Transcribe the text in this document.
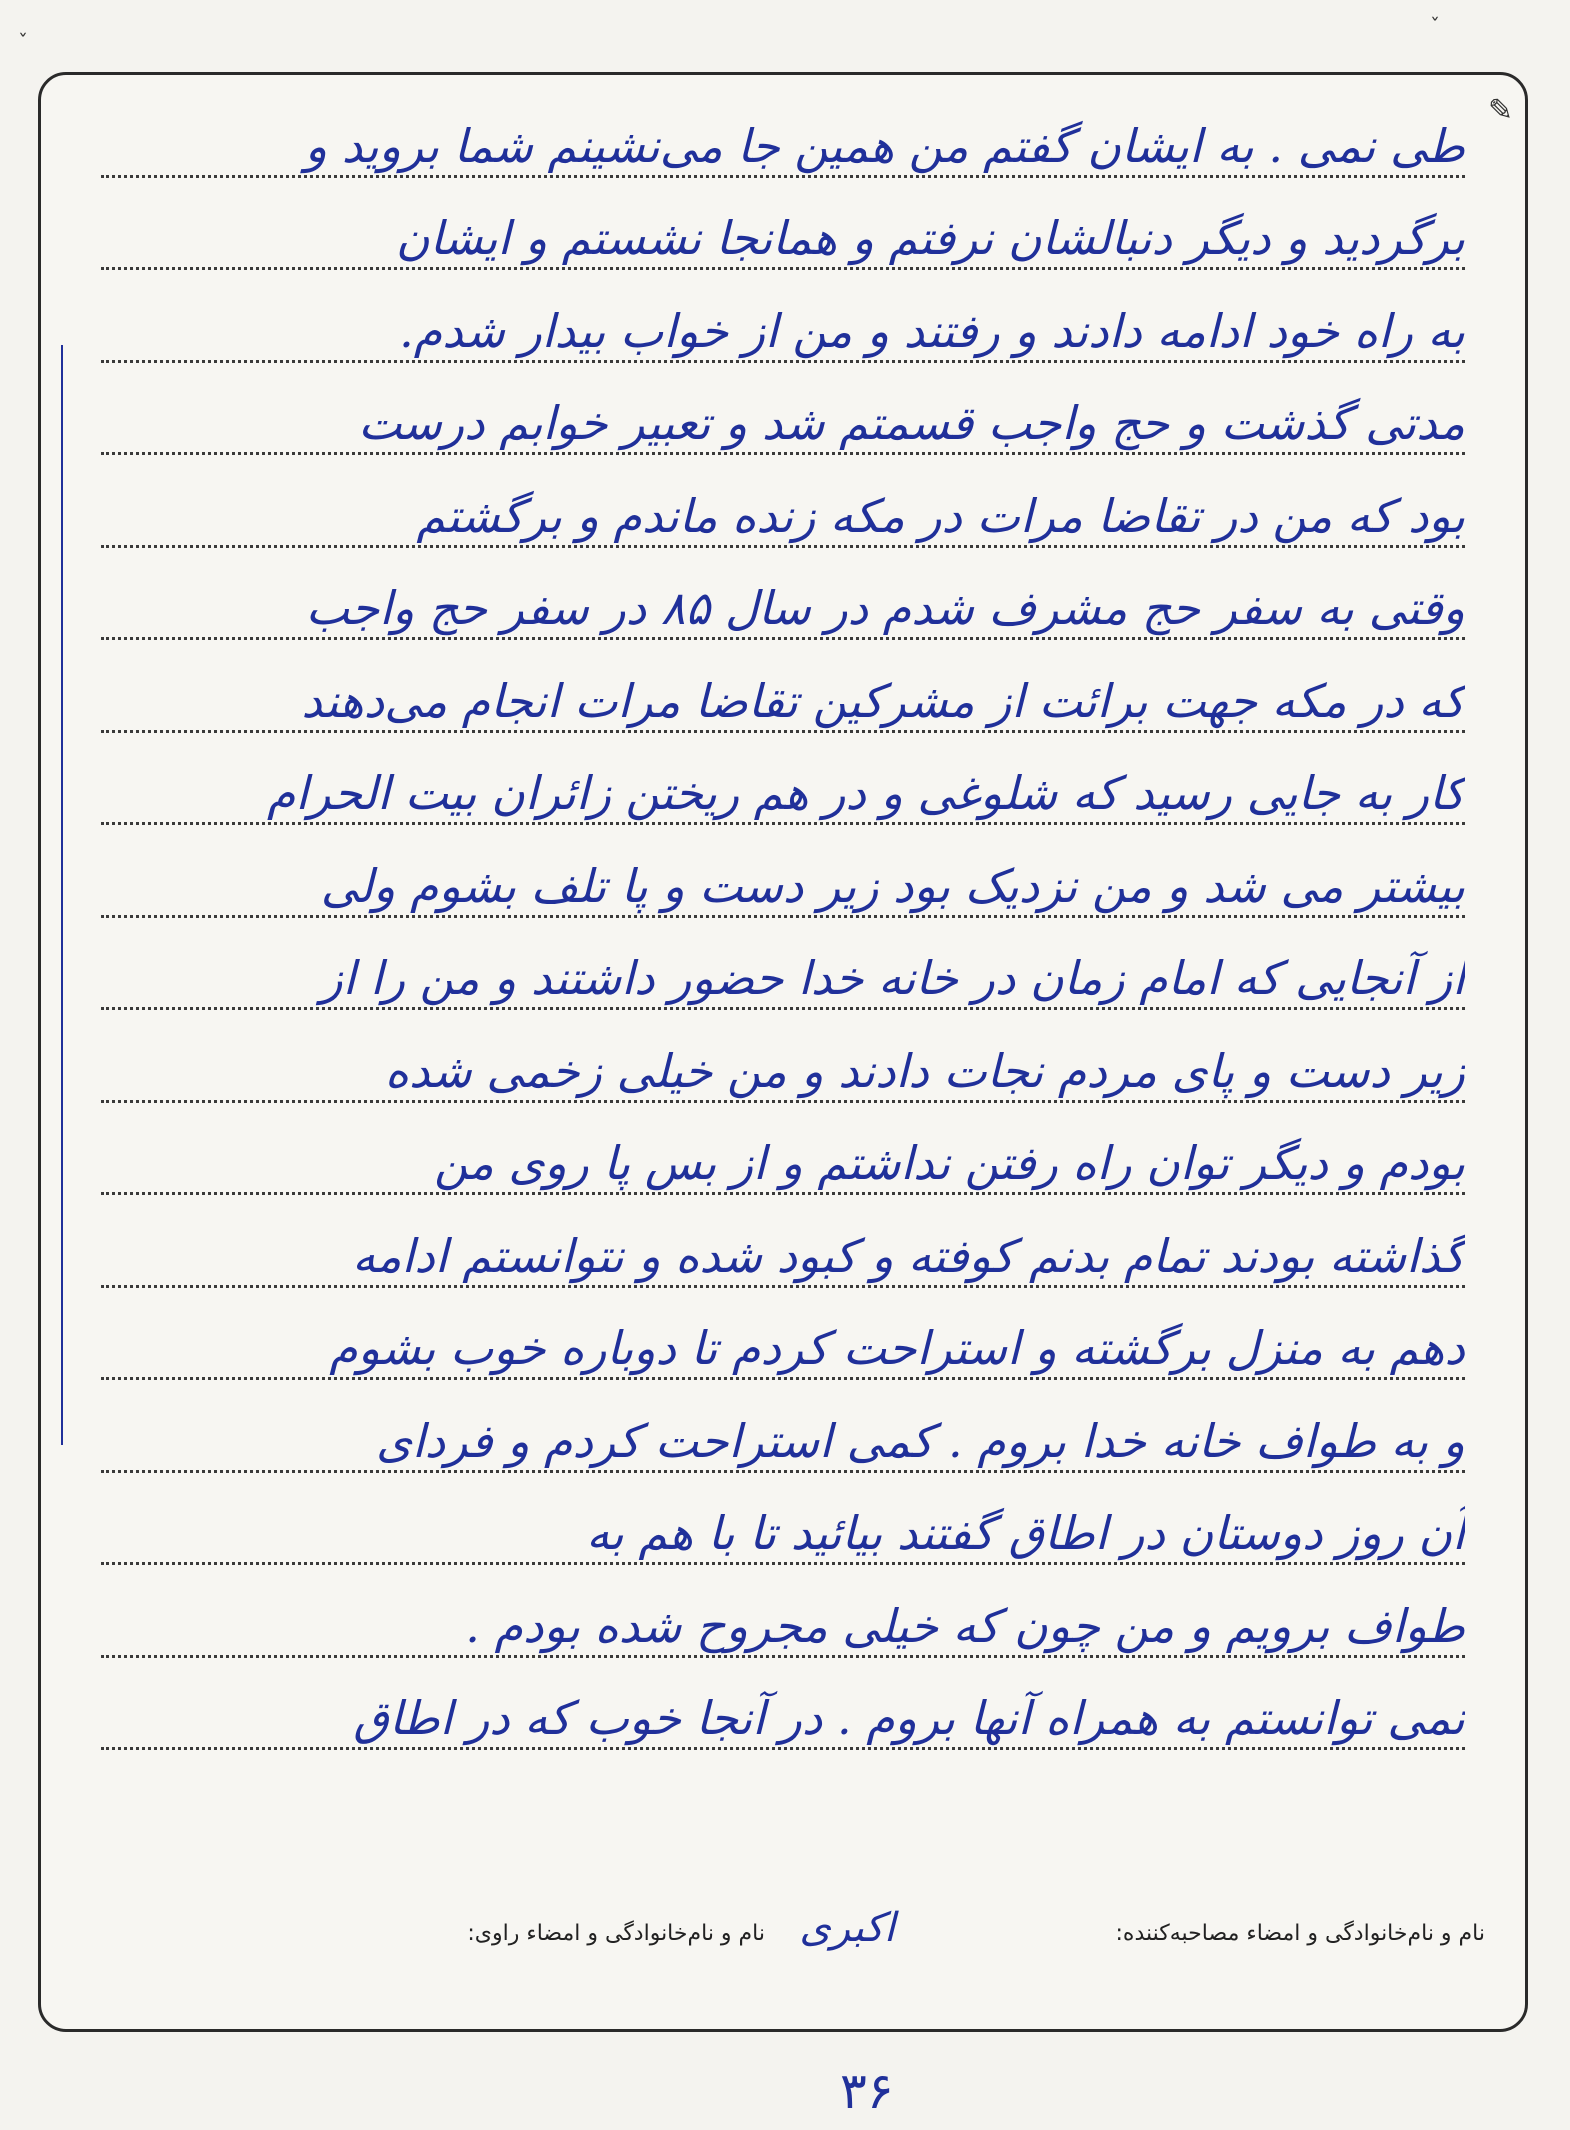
ˇ
ˇ
✎
طی نمی . به ایشان گفتم من همین جا می‌نشینم شما بروید و
برگردید و دیگر دنبالشان نرفتم و همانجا نشستم و ایشان
به راه خود ادامه دادند و رفتند و من از خواب بیدار شدم.
مدتی گذشت و حج واجب قسمتم شد و تعبیر خوابم درست
بود که من در تقاضا مرات در مکه زنده ماندم و برگشتم
وقتی به سفر حج مشرف شدم در سال ۸۵ در سفر حج واجب
که در مکه جهت برائت از مشرکین تقاضا مرات انجام می‌دهند
کار به جایی رسید که شلوغی و در هم ریختن زائران بیت الحرام
بیشتر می شد و من نزدیک بود زیر دست و پا تلف بشوم ولی
از آنجایی که امام زمان در خانه خدا حضور داشتند و من را از
زیر دست و پای مردم نجات دادند و من خیلی زخمی شده
بودم و دیگر توان راه رفتن نداشتم و از بس پا روی من
گذاشته بودند تمام بدنم کوفته و کبود شده و نتوانستم ادامه
دهم به منزل برگشته و استراحت کردم تا دوباره خوب بشوم
و به طواف خانه خدا بروم . کمی استراحت کردم و فردای
آن روز دوستان در اطاق گفتند بیائید تا با هم به
طواف برویم و من چون که خیلی مجروح شده بودم .
نمی توانستم به همراه آنها بروم . در آنجا خوب که در اطاق
نام و نام‌خانوادگی و امضاء مصاحبه‌کننده:
اکبری
نام و نام‌خانوادگی و امضاء راوی:
۳۶
